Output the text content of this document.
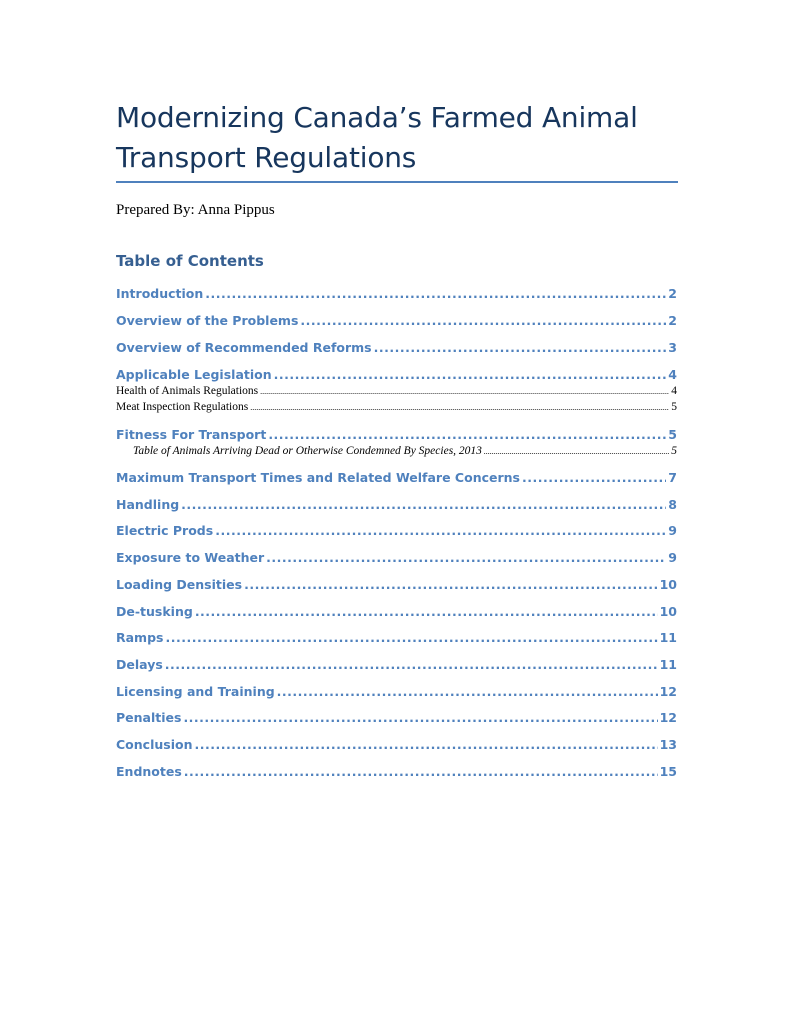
Modernizing Canada’s Farmed Animal
Transport Regulations
Prepared By: Anna Pippus
Table of Contents
Introduction .....	2
Overview of the Problems .....	2
Overview of Recommended Reforms .....	3
Applicable Legislation .....	4
Health of Animals Regulations .....	4
Meat Inspection Regulations .....	5
Fitness For Transport .....	5
Table of Animals Arriving Dead or Otherwise Condemned By Species, 2013 .....	5
Maximum Transport Times and Related Welfare Concerns .....	7
Handling .....	8
Electric Prods .....	9
Exposure to Weather .....	9
Loading Densities .....	10
De-tusking .....	10
Ramps .....	11
Delays .....	11
Licensing and Training .....	12
Penalties .....	12
Conclusion .....	13
Endnotes .....	15
